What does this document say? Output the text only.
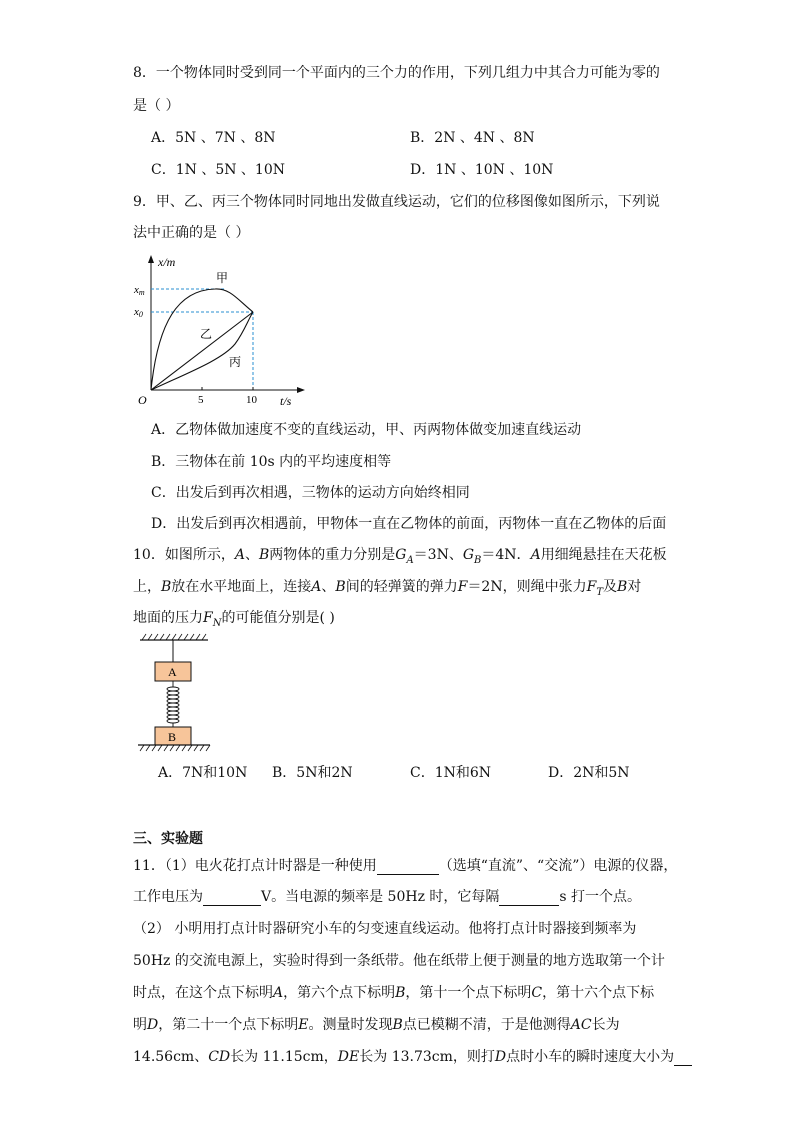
8．一个物体同时受到同一个平面内的三个力的作用，下列几组力中其合力可能为零的
是（ ）
A．5N 、7N 、8N	B．2N 、4N 、8N
C．1N 、5N 、10N	D．1N 、10N 、10N
9．甲、乙、丙三个物体同时同地出发做直线运动，它们的位移图像如图所示，下列说
法中正确的是（ ）
x/m
t/s
O
xm
x0
5	10
甲
乙
丙
A．乙物体做加速度不变的直线运动，甲、丙两物体做变加速直线运动
B．三物体在前 10s 内的平均速度相等
C．出发后到再次相遇，三物体的运动方向始终相同
D．出发后到再次相遇前，甲物体一直在乙物体的前面，丙物体一直在乙物体的后面
10．如图所示，A、B两物体的重力分别是$G_A=3N$、$G_B=4N$．A用细绳悬挂在天花板
上，B放在水平地面上，连接A、B间的轻弹簧的弹力F＝2N，则绳中张力$F_T$及B对
地面的压力$F_N$的可能值分别是( )
A
B
A．7N和10N B．5N和2N	C．1N和6N	D．2N和5N
三、实验题
11．（1）电火花打点计时器是一种使用	（选填“直流”、“交流”）电源的仪器，
工作电压为	V。当电源的频率是 50Hz 时，它每隔	s 打一个点。
（2） 小明用打点计时器研究小车的匀变速直线运动。他将打点计时器接到频率为
50Hz 的交流电源上，实验时得到一条纸带。他在纸带上便于测量的地方选取第一个计
时点，在这个点下标明A，第六个点下标明B，第十一个点下标明C，第十六个点下标
明D，第二十一个点下标明E。测量时发现B点已模糊不清，于是他测得AC长为
14.56cm、CD长为 11.15cm，DE长为 13.73cm，则打D点时小车的瞬时速度大小为
